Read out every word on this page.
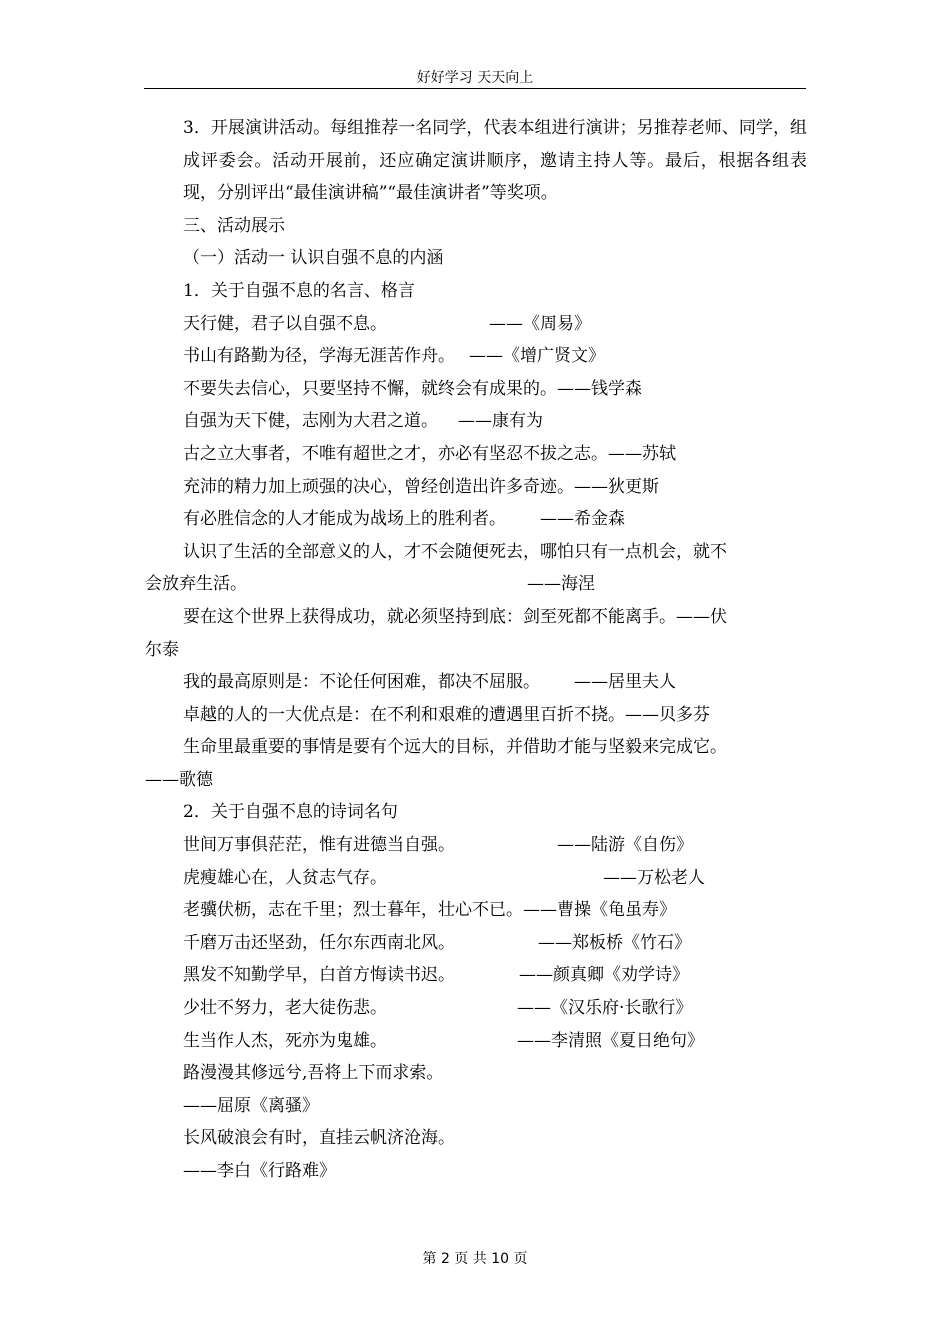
好好学习 天天向上
3．开展演讲活动。每组推荐一名同学，代表本组进行演讲；另推荐老师、同学，组成评委会。活动开展前，还应确定演讲顺序，邀请主持人等。最后，根据各组表现，分别评出“最佳演讲稿”“最佳演讲者”等奖项。
三、活动展示
（一）活动一 认识自强不息的内涵
1．关于自强不息的名言、格言
天行健，君子以自强不息。	——《周易》
书山有路勤为径，学海无涯苦作舟。 ——《增广贤文》
不要失去信心，只要坚持不懈，就终会有成果的。——钱学森
自强为天下健，志刚为大君之道。 ——康有为
古之立大事者，不唯有超世之才，亦必有坚忍不拔之志。——苏轼
充沛的精力加上顽强的决心，曾经创造出许多奇迹。——狄更斯
有必胜信念的人才能成为战场上的胜利者。 ——希金森
认识了生活的全部意义的人，才不会随便死去，哪怕只有一点机会，就不
会放弃生活。	——海涅
要在这个世界上获得成功，就必须坚持到底：剑至死都不能离手。——伏
尔泰
我的最高原则是：不论任何困难，都决不屈服。 ——居里夫人
卓越的人的一大优点是：在不利和艰难的遭遇里百折不挠。——贝多芬
生命里最重要的事情是要有个远大的目标，并借助才能与坚毅来完成它。
——歌德
2．关于自强不息的诗词名句
世间万事俱茫茫，惟有进德当自强。	——陆游《自伤》
虎瘦雄心在，人贫志气存。	——万松老人
老骥伏枥，志在千里；烈士暮年，壮心不已。——曹操《龟虽寿》
千磨万击还坚劲，任尔东西南北风。	——郑板桥《竹石》
黑发不知勤学早，白首方悔读书迟。	——颜真卿《劝学诗》
少壮不努力，老大徒伤悲。	——《汉乐府·长歌行》
生当作人杰，死亦为鬼雄。	——李清照《夏日绝句》
路漫漫其修远兮,吾将上下而求索。
——屈原《离骚》
长风破浪会有时，直挂云帆济沧海。
——李白《行路难》
第 2 页 共 10 页
